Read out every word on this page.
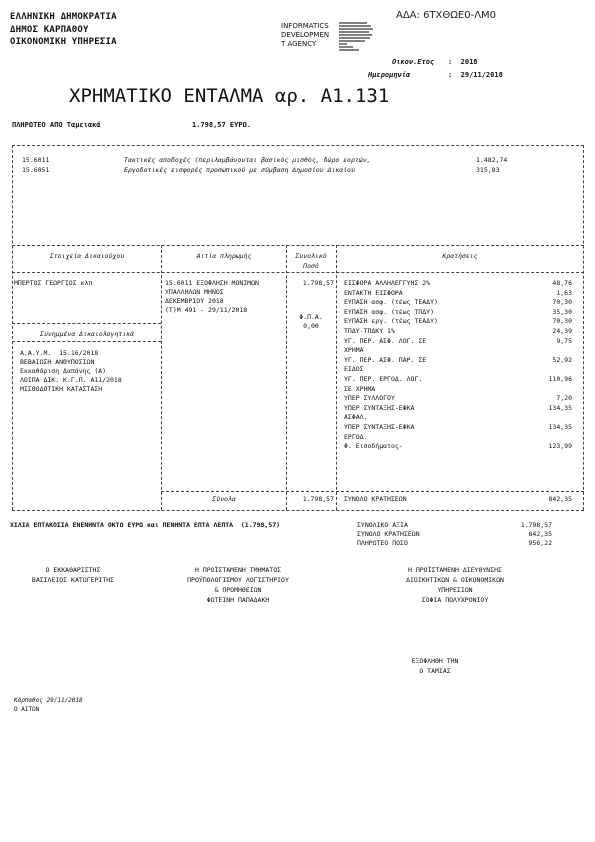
ΕΛΛΗΝΙΚΗ ΔΗΜΟΚΡΑΤΙΑ
ΔΗΜΟΣ ΚΑΡΠΑΘΟΥ
ΟΙΚΟΝΟΜΙΚΗ ΥΠΗΡΕΣΙΑ
ΑΔΑ: 6ΤΧΘΩΕ0-ΛΜ0
INFORMATICS
DEVELOPMEN
T AGENCY
Οικον.Ετος :  2018
Ημερομηνία	:  29/11/2018
ΧΡΗΜΑΤΙΚΟ ΕΝΤΑΛΜΑ αρ. Α1.131
ΠΛΗΡΩΤΕΟ ΑΠΟ Ταμειακά	1.798,57 ΕΥΡΩ.
15.6011	Τακτικές αποδοχές (περιλαμβάνονται βασικός μισθός, δώρο εορτών,	1.482,74
15.6051	Εργοδοτικές εισφορές προσωπικού με σύμβαση Δημοσίου Δικαίου	315,83
Στοιχεία Δικαιούχου	Αιτία πληρωμής	Συνολικό
Ποσό
Κρατήσεις
ΜΠΕΡΤΟΣ ΓΕΩΡΓΙΟΣ κλπ
Συνημμένα Δικαιολογητικά
Α.Α.Υ.Μ.  15.16/2018
ΒΕΒΑΙΩΣΗ ΑΝΘΥΠΟΣΙΩΝ
Εκκαθάριση Δαπάνης (Α)
ΛΟΙΠΑ ΔΙΚ. Κ.Γ.Π. Α11/2018
ΜΙΣΘΟΔΟΤΙΚΗ ΚΑΤΑΣΤΑΣΗ
15.6011 ΕΞΟΦΛΗΣΗ ΜΟΝΙΜΩΝ
ΥΠΑΛΛΗΛΩΝ ΜΗΝΟΣ
ΔΕΚΕΜΒΡΙΟΥ 2018
(Τ)Μ 491 - 29/11/2018
1.798,57
Φ.Π.Α.
0,00
ΕΙΣΦΟΡΑ ΑΛΛΗΛΕΓΓΥΗΣ 2%	48,76
ΕΝΤΑΚΤΗ ΕΙΣΦΟΡΑ	1,63
ΕΥΠΑΣΗ ασφ. (τέως ΤΕΑΔΥ)	70,30
ΕΥΠΑΣΗ ασφ. (τέως ΤΠΔΥ)	35,30
ΕΥΠΑΣΗ εργ. (τέως ΤΕΑΔΥ)	70,30
ΤΠΔΥ-ΤΠΔΚΥ 1%	24,39
ΥΓ. ΠΕΡ. ΑΣΦ. ΛΟΓ. ΣΕ	9,75
ΧΡΗΜΑ
ΥΓ. ΠΕΡ. ΑΣΦ. ΠΑΡ. ΣΕ	52,92
ΕΙΔΟΣ
ΥΓ. ΠΕΡ. ΕΡΓΟΔ. ΛΟΓ.	110,96
ΣΕ ΧΡΗΜΑ
ΥΠΕΡ ΣΥΛΛΟΓΟΥ	7,20
ΥΠΕΡ ΣΥΝΤΑΞΗΣ-ΕΦΚΑ	134,35
ΑΣΦΑΛ.
ΥΠΕΡ ΣΥΝΤΑΞΗΣ-ΕΦΚΑ	134,35
ΕΡΓΟΔ.
Φ. Εισοδήματος-	123,99
Σύνολα	1.798,57 ΣΥΝΟΛΟ ΚΡΑΤΗΣΕΩΝ	842,35
ΧΙΛΙΑ ΕΠΤΑΚΟΣΙΑ ΕΝΕΝΗΝΤΑ ΟΚΤΩ ΕΥΡΩ και ΠΕΝΗΝΤΑ ΕΠΤΑ ΛΕΠΤΑ  (1.798,57)	ΣΥΝΟΛΙΚΟ ΑΞΙΑ	1.798,57
ΣΥΝΟΛΟ ΚΡΑΤΗΣΕΩΝ	842,35
ΠΛΗΡΩΤΕΟ ΠΟΣΟ	956,22
Ο ΕΚΚΑΘΑΡΙΣΤΗΣ
ΒΑΣΙΛΕΙΟΣ ΚΑΤΩΓΕΡΙΤΗΣ
Η ΠΡΟΪΣΤΑΜΕΝΗ ΤΜΗΜΑΤΟΣ
ΠΡΟΫΠΟΛΟΓΙΣΜΟΥ ΛΟΓΙΣΤΗΡΙΟΥ
& ΠΡΟΜΗΘΕΙΩΝ
ΦΩΤΕΙΝΗ ΠΑΠΑΔΑΚΗ
Η ΠΡΟΪΣΤΑΜΕΝΗ ΔΙΕΥΘΥΝΣΗΣ
ΔΙΟΙΚΗΤΙΚΩΝ & ΟΙΚΟΝΟΜΙΚΩΝ
ΥΠΗΡΕΣΙΩΝ
ΣΟΦΙΑ ΠΟΛΥΧΡΟΝΙΟΥ
ΕΞΟΦΛΗΘΗ ΤΗΝ
Ο ΤΑΜΙΑΣ
Κάρπαθος 29/11/2018
Ο ΑΙΤΩΝ
